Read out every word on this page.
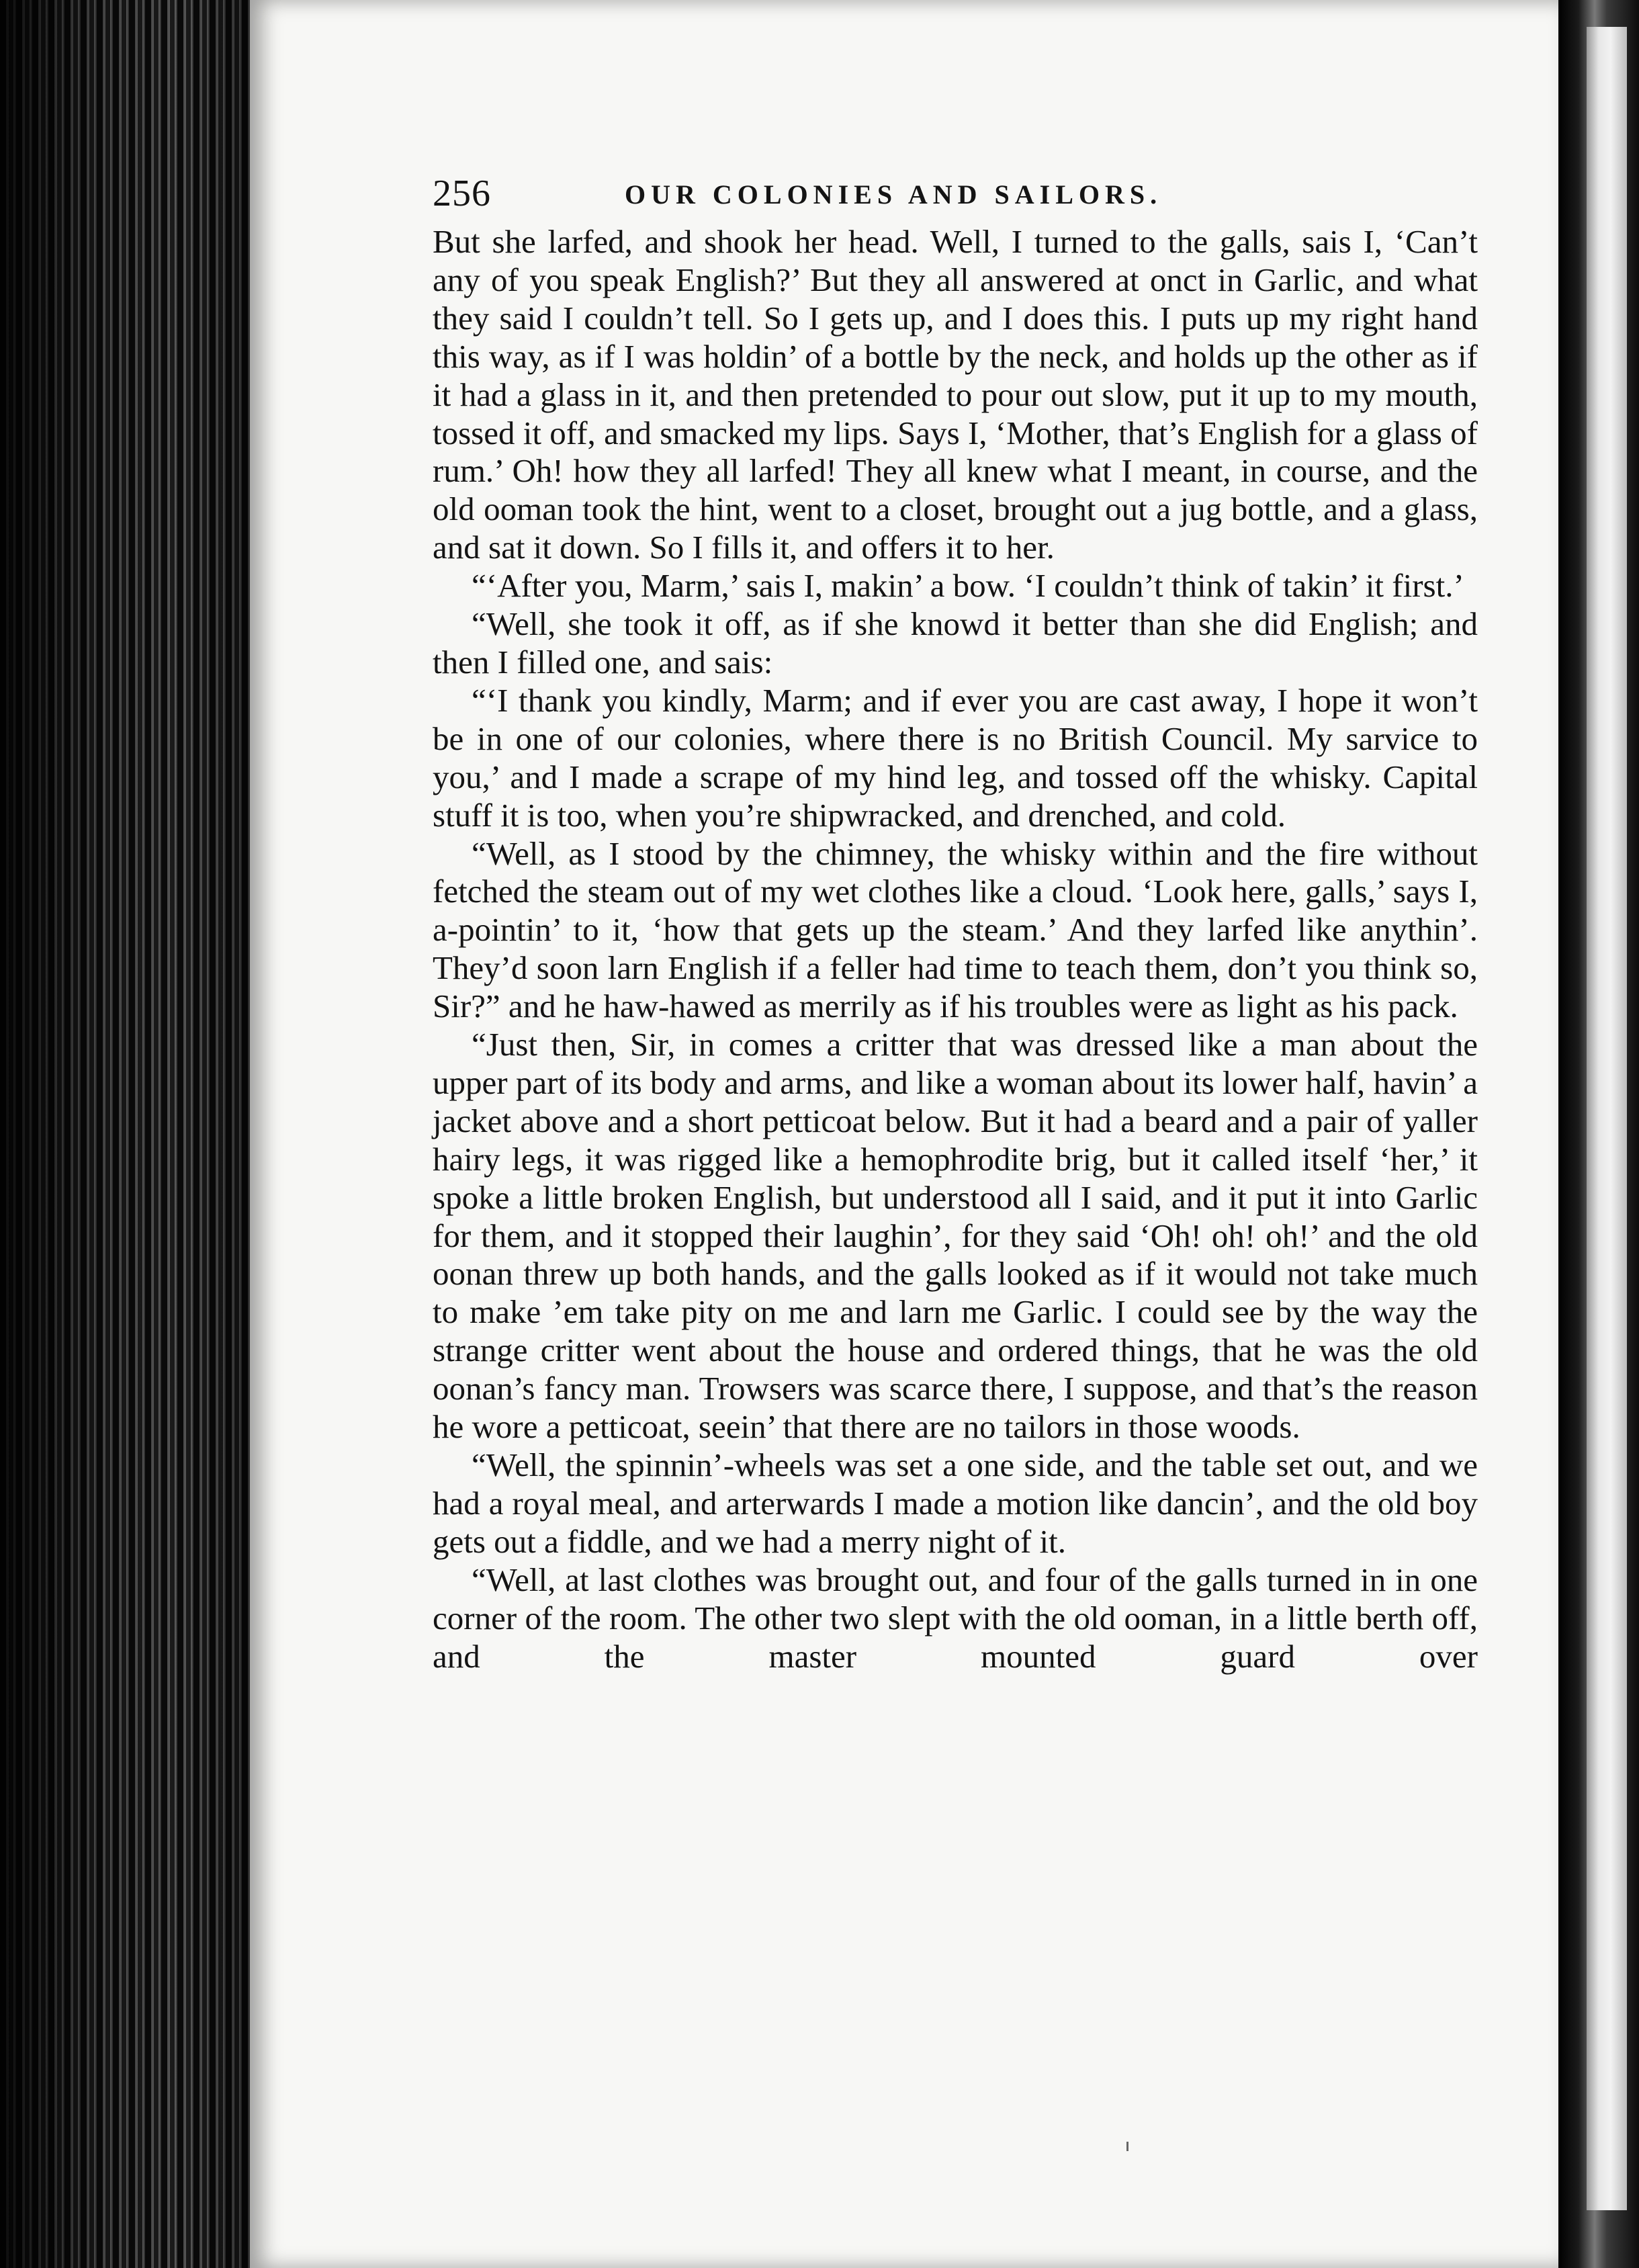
256	OUR COLONIES AND SAILORS.

But she larfed, and shook her head. Well, I turned to the galls, sais I, ‘Can’t any of you speak English?’ But they all answered at onct in Garlic, and what they said I couldn’t tell. So I gets up, and I does this. I puts up my right hand this way, as if I was holdin’ of a bottle by the neck, and holds up the other as if it had a glass in it, and then pretended to pour out slow, put it up to my mouth, tossed it off, and smacked my lips. Says I, ‘Mother, that’s English for a glass of rum.’ Oh! how they all larfed! They all knew what I meant, in course, and the old ooman took the hint, went to a closet, brought out a jug bottle, and a glass, and sat it down. So I fills it, and offers it to her.

“‘After you, Marm,’ sais I, makin’ a bow. ‘I couldn’t think of takin’ it first.’

“Well, she took it off, as if she knowd it better than she did English; and then I filled one, and sais:

“‘I thank you kindly, Marm; and if ever you are cast away, I hope it won’t be in one of our colonies, where there is no British Council. My sarvice to you,’ and I made a scrape of my hind leg, and tossed off the whisky. Capital stuff it is too, when you’re shipwracked, and drenched, and cold.

“Well, as I stood by the chimney, the whisky within and the fire without fetched the steam out of my wet clothes like a cloud. ‘Look here, galls,’ says I, a-pointin’ to it, ‘how that gets up the steam.’ And they larfed like anythin’. They’d soon larn English if a feller had time to teach them, don’t you think so, Sir?” and he haw-hawed as merrily as if his troubles were as light as his pack.

“Just then, Sir, in comes a critter that was dressed like a man about the upper part of its body and arms, and like a woman about its lower half, havin’ a jacket above and a short petticoat below. But it had a beard and a pair of yaller hairy legs, it was rigged like a hemophrodite brig, but it called itself ‘her,’ it spoke a little broken English, but understood all I said, and it put it into Garlic for them, and it stopped their laughin’, for they said ‘Oh! oh! oh!’ and the old oonan threw up both hands, and the galls looked as if it would not take much to make ’em take pity on me and larn me Garlic. I could see by the way the strange critter went about the house and ordered things, that he was the old oonan’s fancy man. Trowsers was scarce there, I suppose, and that’s the reason he wore a petticoat, seein’ that there are no tailors in those woods.

“Well, the spinnin’-wheels was set a one side, and the table set out, and we had a royal meal, and arterwards I made a motion like dancin’, and the old boy gets out a fiddle, and we had a merry night of it.

“Well, at last clothes was brought out, and four of the galls turned in in one corner of the room. The other two slept with the old ooman, in a little berth off, and the master mounted guard over
